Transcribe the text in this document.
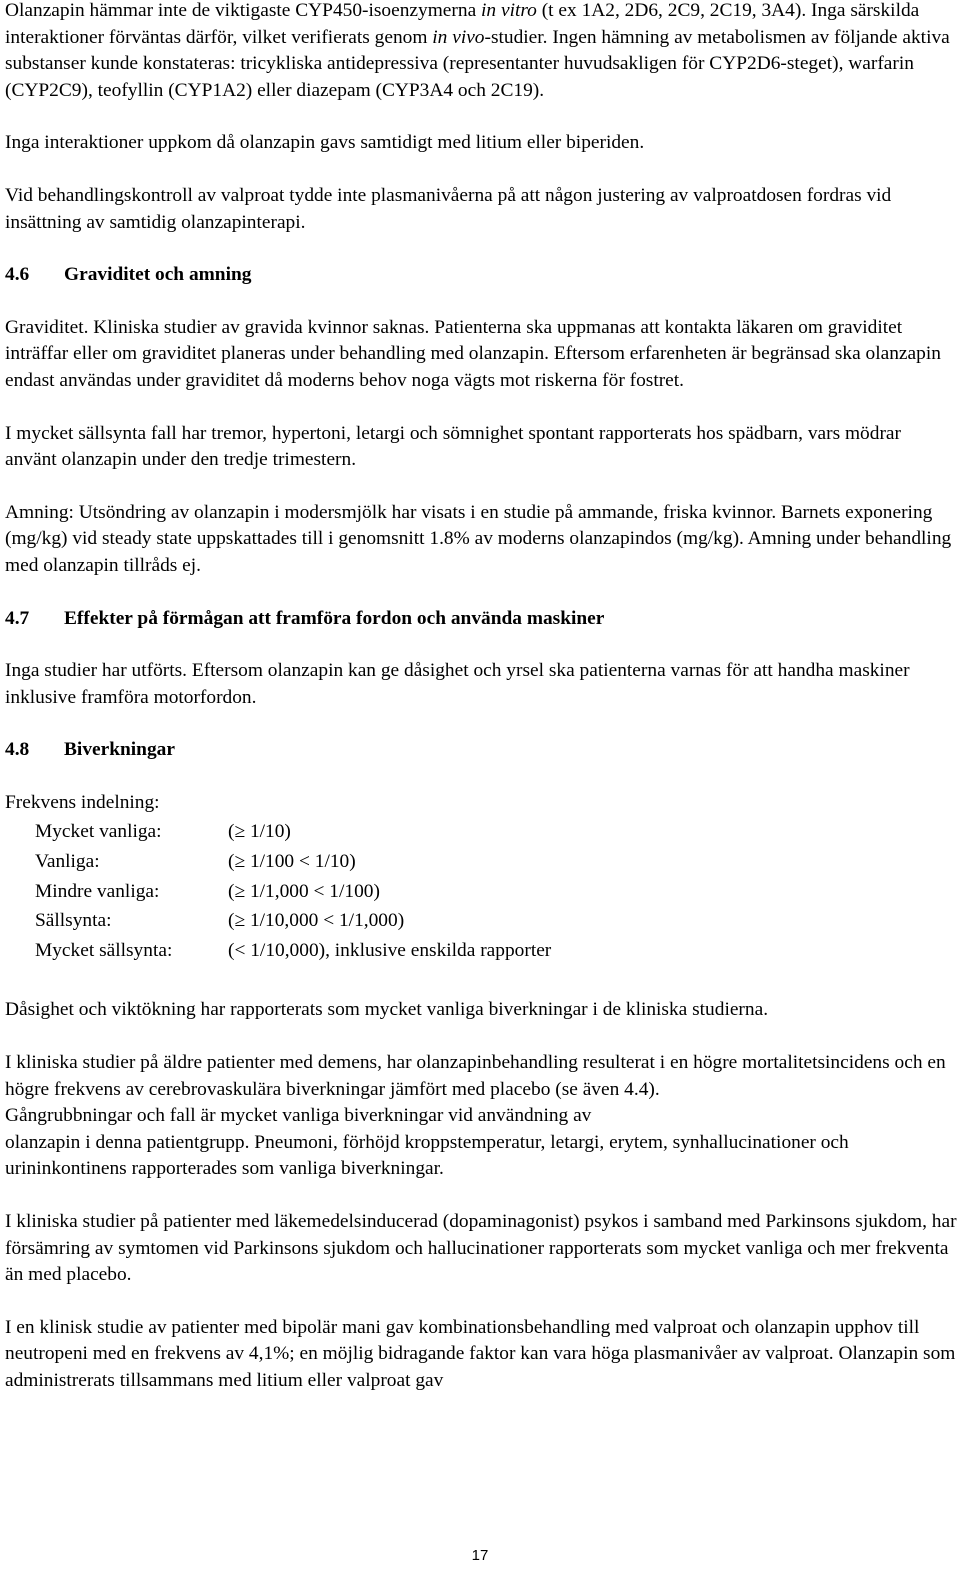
Olanzapin hämmar inte de viktigaste CYP450-isoenzymerna in vitro (t ex 1A2, 2D6, 2C9, 2C19, 3A4). Inga särskilda interaktioner förväntas därför, vilket verifierats genom in vivo-studier. Ingen hämning av metabolismen av följande aktiva substanser kunde konstateras: tricykliska antidepressiva (representanter huvudsakligen för CYP2D6-steget), warfarin (CYP2C9), teofyllin (CYP1A2) eller diazepam (CYP3A4 och 2C19).

Inga interaktioner uppkom då olanzapin gavs samtidigt med litium eller biperiden.

Vid behandlingskontroll av valproat tydde inte plasmanivåerna på att någon justering av valproatdosen fordras vid insättning av samtidig olanzapinterapi.

4.6 Graviditet och amning

Graviditet. Kliniska studier av gravida kvinnor saknas. Patienterna ska uppmanas att kontakta läkaren om graviditet inträffar eller om graviditet planeras under behandling med olanzapin. Eftersom erfarenheten är begränsad ska olanzapin endast användas under graviditet då moderns behov noga vägts mot riskerna för fostret.

I mycket sällsynta fall har tremor, hypertoni, letargi och sömnighet spontant rapporterats hos spädbarn, vars mödrar använt olanzapin under den tredje trimestern.

Amning: Utsöndring av olanzapin i modersmjölk har visats i en studie på ammande, friska kvinnor. Barnets exponering (mg/kg) vid steady state uppskattades till i genomsnitt 1.8% av moderns olanzapindos (mg/kg). Amning under behandling med olanzapin tillråds ej.

4.7 Effekter på förmågan att framföra fordon och använda maskiner

Inga studier har utförts. Eftersom olanzapin kan ge dåsighet och yrsel ska patienterna varnas för att handha maskiner inklusive framföra motorfordon.

4.8 Biverkningar

Frekvens indelning:

Mycket vanliga:	(≥ 1/10)
Vanliga:	(≥ 1/100 < 1/10)
Mindre vanliga:	(≥ 1/1,000 < 1/100)
Sällsynta:	(≥ 1/10,000 < 1/1,000)
Mycket sällsynta:	(< 1/10,000), inklusive enskilda rapporter

Dåsighet och viktökning har rapporterats som mycket vanliga biverkningar i de kliniska studierna.

I kliniska studier på äldre patienter med demens, har olanzapinbehandling resulterat i en högre mortalitetsincidens och en högre frekvens av cerebrovaskulära biverkningar jämfört med placebo (se även 4.4).

Gångrubbningar och fall är mycket vanliga biverkningar vid användning av

olanzapin i denna patientgrupp. Pneumoni, förhöjd kroppstemperatur, letargi, erytem, synhallucinationer och urininkontinens rapporterades som vanliga biverkningar.

I kliniska studier på patienter med läkemedelsinducerad (dopaminagonist) psykos i samband med Parkinsons sjukdom, har försämring av symtomen vid Parkinsons sjukdom och hallucinationer rapporterats som mycket vanliga och mer frekventa än med placebo.

I en klinisk studie av patienter med bipolär mani gav kombinationsbehandling med valproat och olanzapin upphov till neutropeni med en frekvens av 4,1%; en möjlig bidragande faktor kan vara höga plasmanivåer av valproat. Olanzapin som administrerats tillsammans med litium eller valproat gav

17
